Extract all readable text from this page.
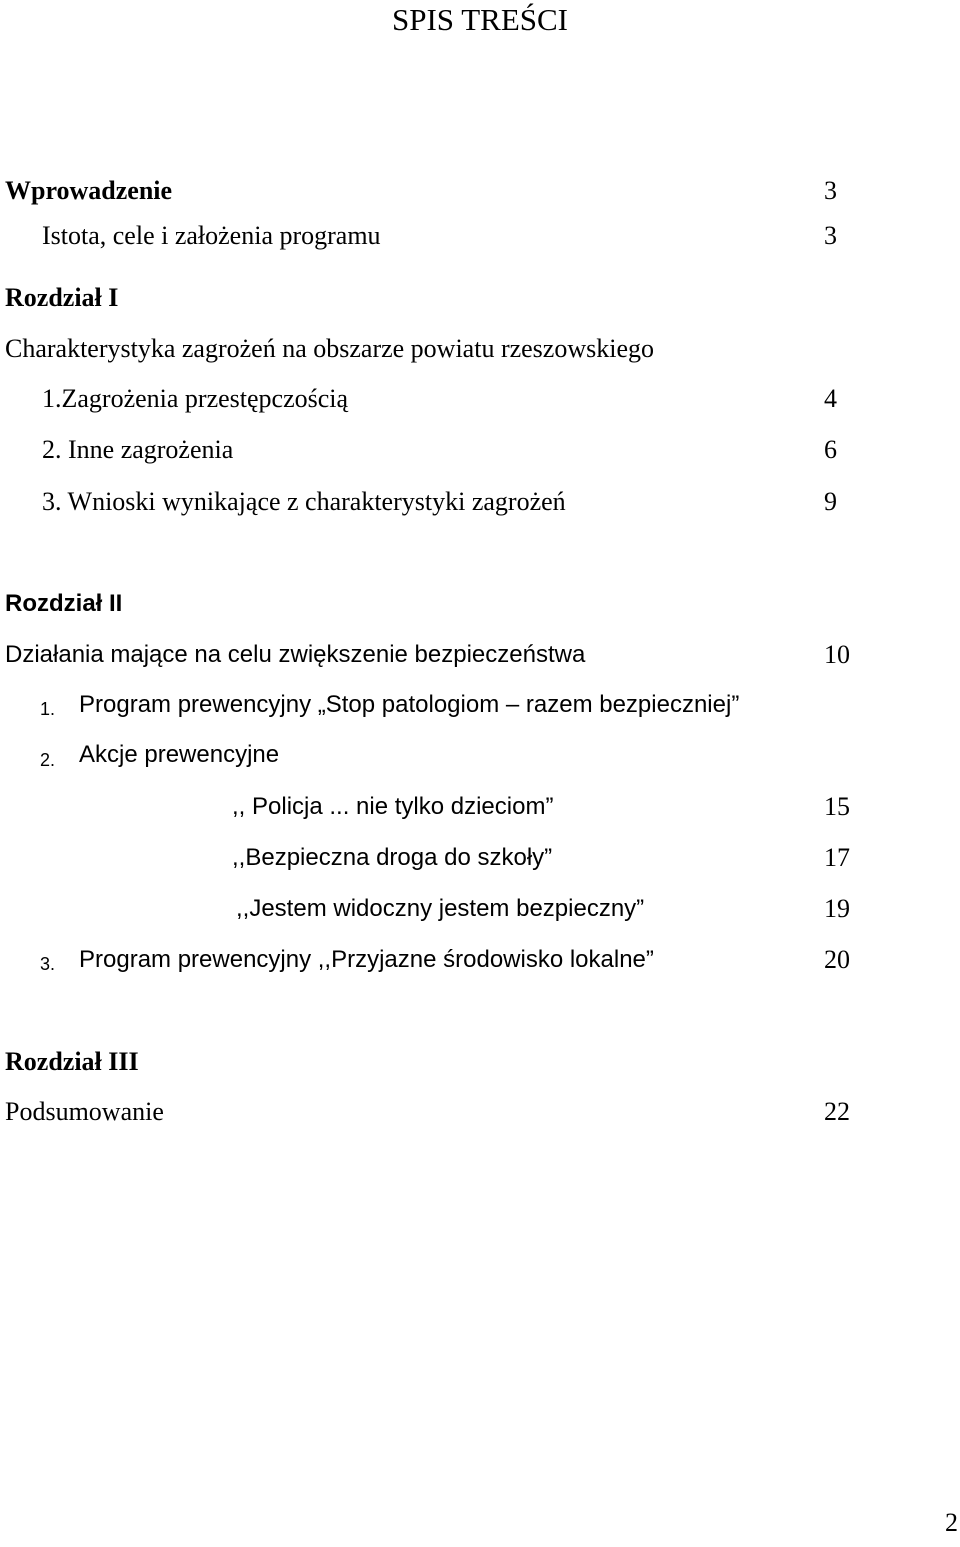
SPIS TREŚCI
Wprowadzenie	3
Istota, cele i założenia programu	3
Rozdział I
Charakterystyka zagrożeń na obszarze powiatu rzeszowskiego
1.Zagrożenia przestępczością	4
2. Inne zagrożenia	6
3. Wnioski wynikające z charakterystyki zagrożeń	9
Rozdział II
Działania mające na celu zwiększenie bezpieczeństwa	10
1. Program prewencyjny „Stop patologiom – razem bezpieczniej”
2. Akcje prewencyjne
,, Policja ... nie tylko dzieciom”	15
,,Bezpieczna droga do szkoły”	17
,,Jestem widoczny jestem bezpieczny”	19
3. Program prewencyjny ,,Przyjazne środowisko lokalne”	20
Rozdział III
Podsumowanie	22
2
